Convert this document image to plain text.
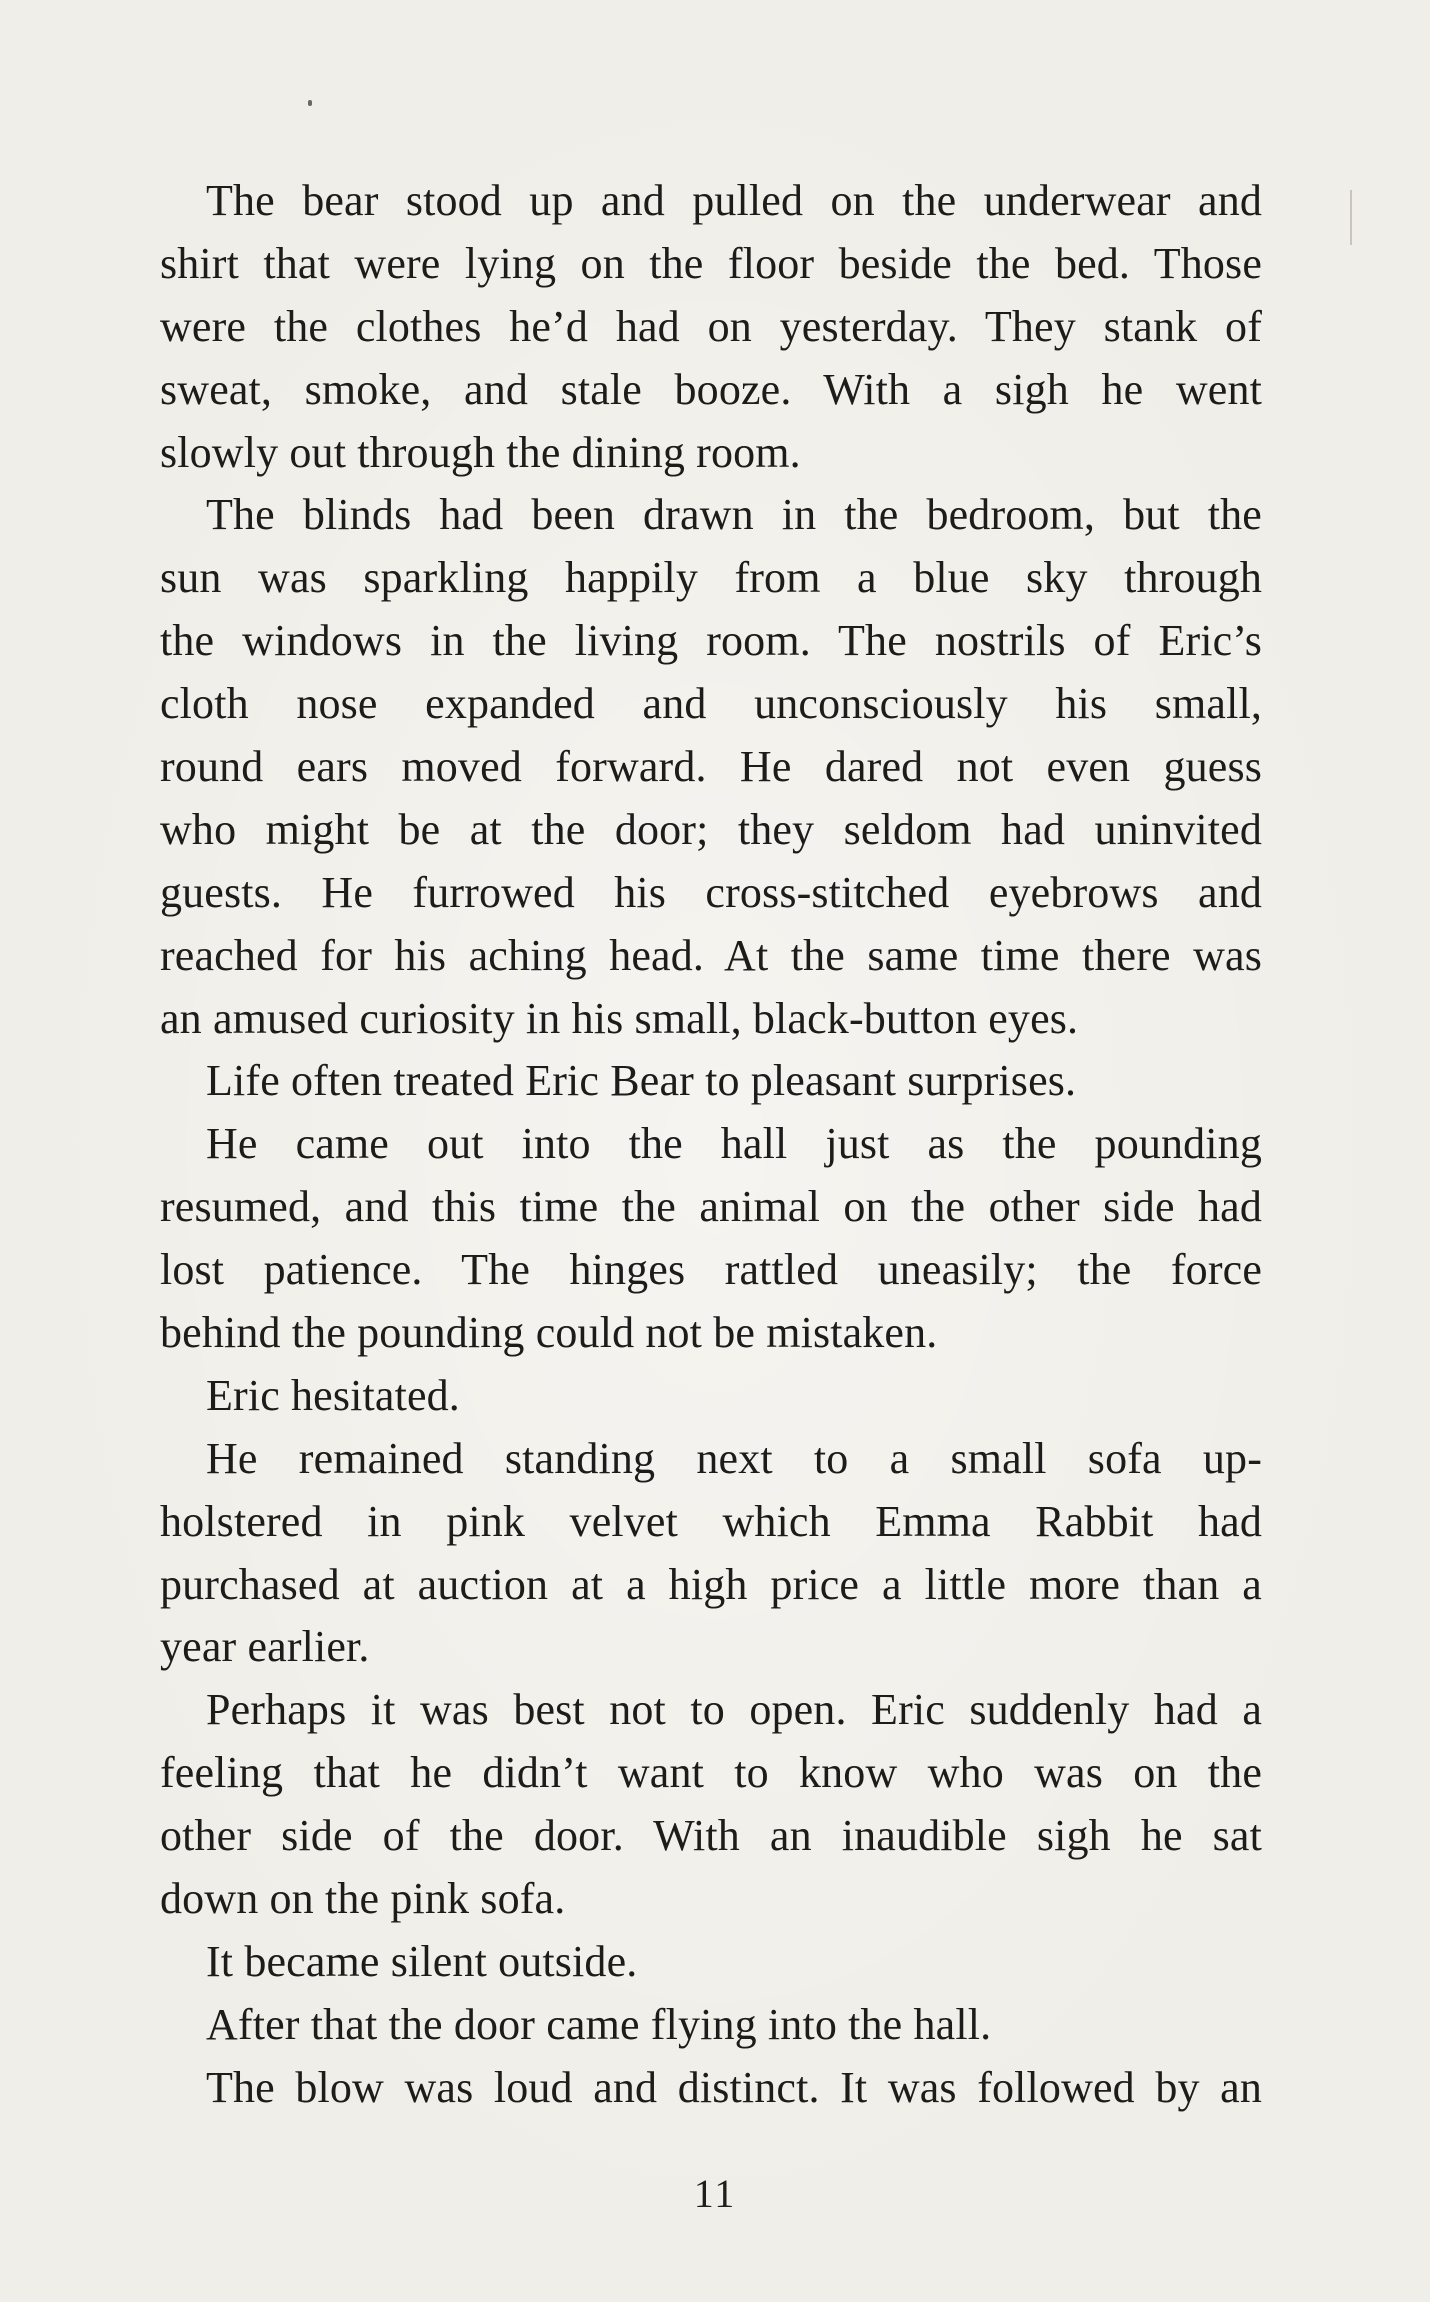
The bear stood up and pulled on the underwear and
shirt that were lying on the floor beside the bed. Those
were the clothes he’d had on yesterday. They stank of
sweat, smoke, and stale booze. With a sigh he went
slowly out through the dining room.
The blinds had been drawn in the bedroom, but the
sun was sparkling happily from a blue sky through
the windows in the living room. The nostrils of Eric’s
cloth nose expanded and unconsciously his small,
round ears moved forward. He dared not even guess
who might be at the door; they seldom had uninvited
guests. He furrowed his cross-stitched eyebrows and
reached for his aching head. At the same time there was
an amused curiosity in his small, black-button eyes.
Life often treated Eric Bear to pleasant surprises.
He came out into the hall just as the pounding
resumed, and this time the animal on the other side had
lost patience. The hinges rattled uneasily; the force
behind the pounding could not be mistaken.
Eric hesitated.
He remained standing next to a small sofa up-
holstered in pink velvet which Emma Rabbit had
purchased at auction at a high price a little more than a
year earlier.
Perhaps it was best not to open. Eric suddenly had a
feeling that he didn’t want to know who was on the
other side of the door. With an inaudible sigh he sat
down on the pink sofa.
It became silent outside.
After that the door came flying into the hall.
The blow was loud and distinct. It was followed by an
11
